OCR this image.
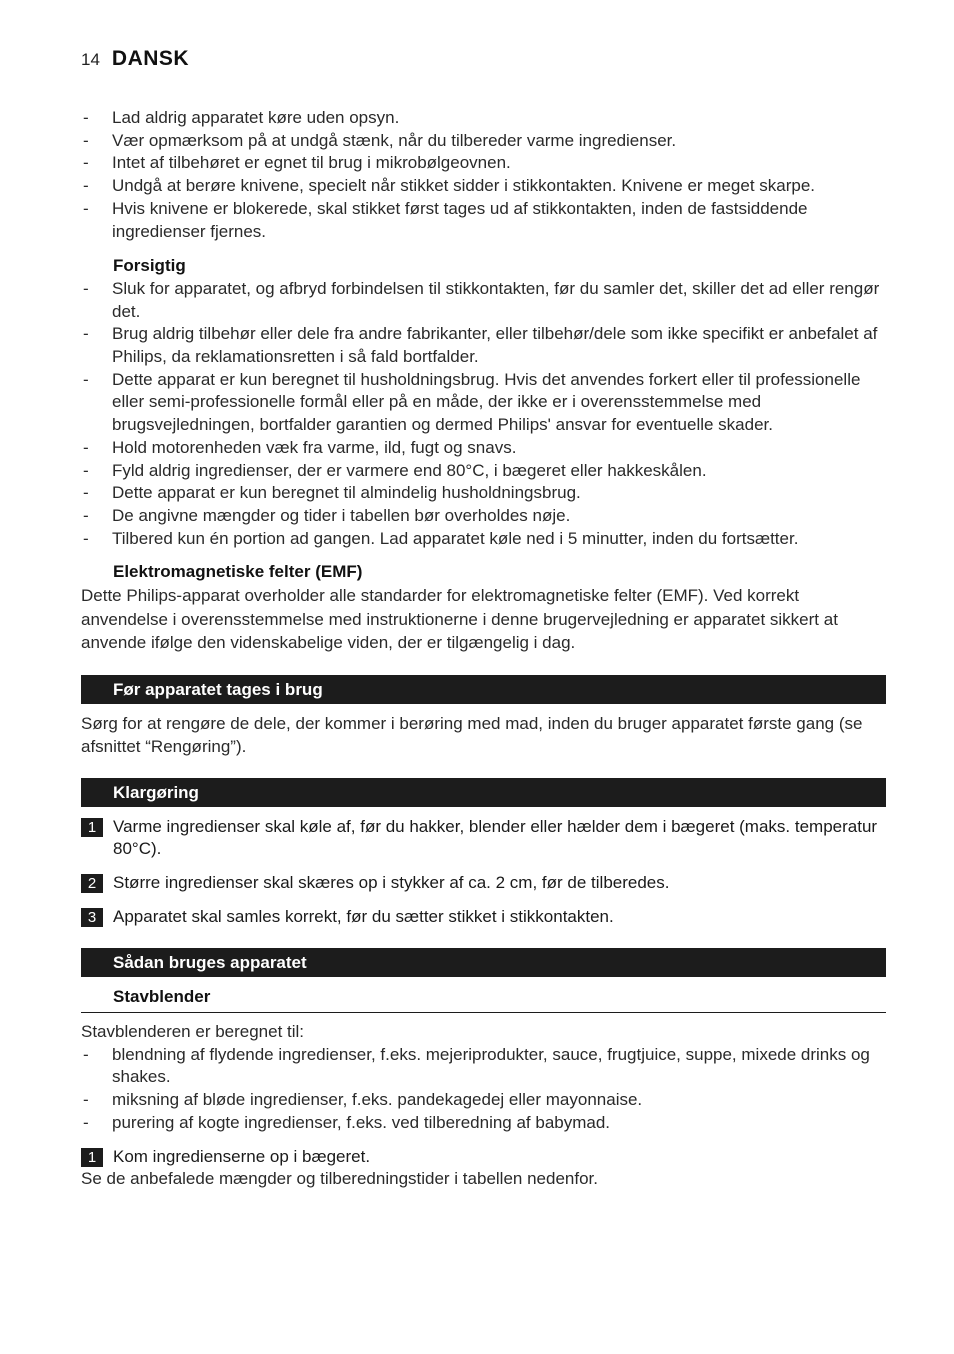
14 DANSK
- Lad aldrig apparatet køre uden opsyn.
- Vær opmærksom på at undgå stænk, når du tilbereder varme ingredienser.
- Intet af tilbehøret er egnet til brug i mikrobølgeovnen.
- Undgå at berøre knivene, specielt når stikket sidder i stikkontakten. Knivene er meget skarpe.
- Hvis knivene er blokerede, skal stikket først tages ud af stikkontakten, inden de fastsiddende ingredienser fjernes.
Forsigtig
- Sluk for apparatet, og afbryd forbindelsen til stikkontakten, før du samler det, skiller det ad eller rengør det.
- Brug aldrig tilbehør eller dele fra andre fabrikanter, eller tilbehør/dele som ikke specifikt er anbefalet af Philips, da reklamationsretten i så fald bortfalder.
- Dette apparat er kun beregnet til husholdningsbrug. Hvis det anvendes forkert eller til professionelle eller semi-professionelle formål eller på en måde, der ikke er i overensstemmelse med brugsvejledningen, bortfalder garantien og dermed Philips' ansvar for eventuelle skader.
- Hold motorenheden væk fra varme, ild, fugt og snavs.
- Fyld aldrig ingredienser, der er varmere end 80°C, i bægeret eller hakkeskålen.
- Dette apparat er kun beregnet til almindelig husholdningsbrug.
- De angivne mængder og tider i tabellen bør overholdes nøje.
- Tilbered kun én portion ad gangen. Lad apparatet køle ned i 5 minutter, inden du fortsætter.
Elektromagnetiske felter (EMF)

Dette Philips-apparat overholder alle standarder for elektromagnetiske felter (EMF). Ved korrekt anvendelse i overensstemmelse med instruktionerne i denne brugervejledning er apparatet sikkert at anvende ifølge den videnskabelige viden, der er tilgængelig i dag.

Før apparatet tages i brug

Sørg for at rengøre de dele, der kommer i berøring med mad, inden du bruger apparatet første gang (se afsnittet “Rengøring”).

Klargøring
1 Varme ingredienser skal køle af, før du hakker, blender eller hælder dem i bægeret (maks. temperatur 80°C).
2 Større ingredienser skal skæres op i stykker af ca. 2 cm, før de tilberedes.
3 Apparatet skal samles korrekt, før du sætter stikket i stikkontakten.
Sådan bruges apparatet
Stavblender

Stavblenderen er beregnet til:

- blendning af flydende ingredienser, f.eks. mejeriprodukter, sauce, frugtjuice, suppe, mixede drinks og shakes.
- miksning af bløde ingredienser, f.eks. pandekagedej eller mayonnaise.
- purering af kogte ingredienser, f.eks. ved tilberedning af babymad.
1 Kom ingredienserne op i bægeret.

Se de anbefalede mængder og tilberedningstider i tabellen nedenfor.
